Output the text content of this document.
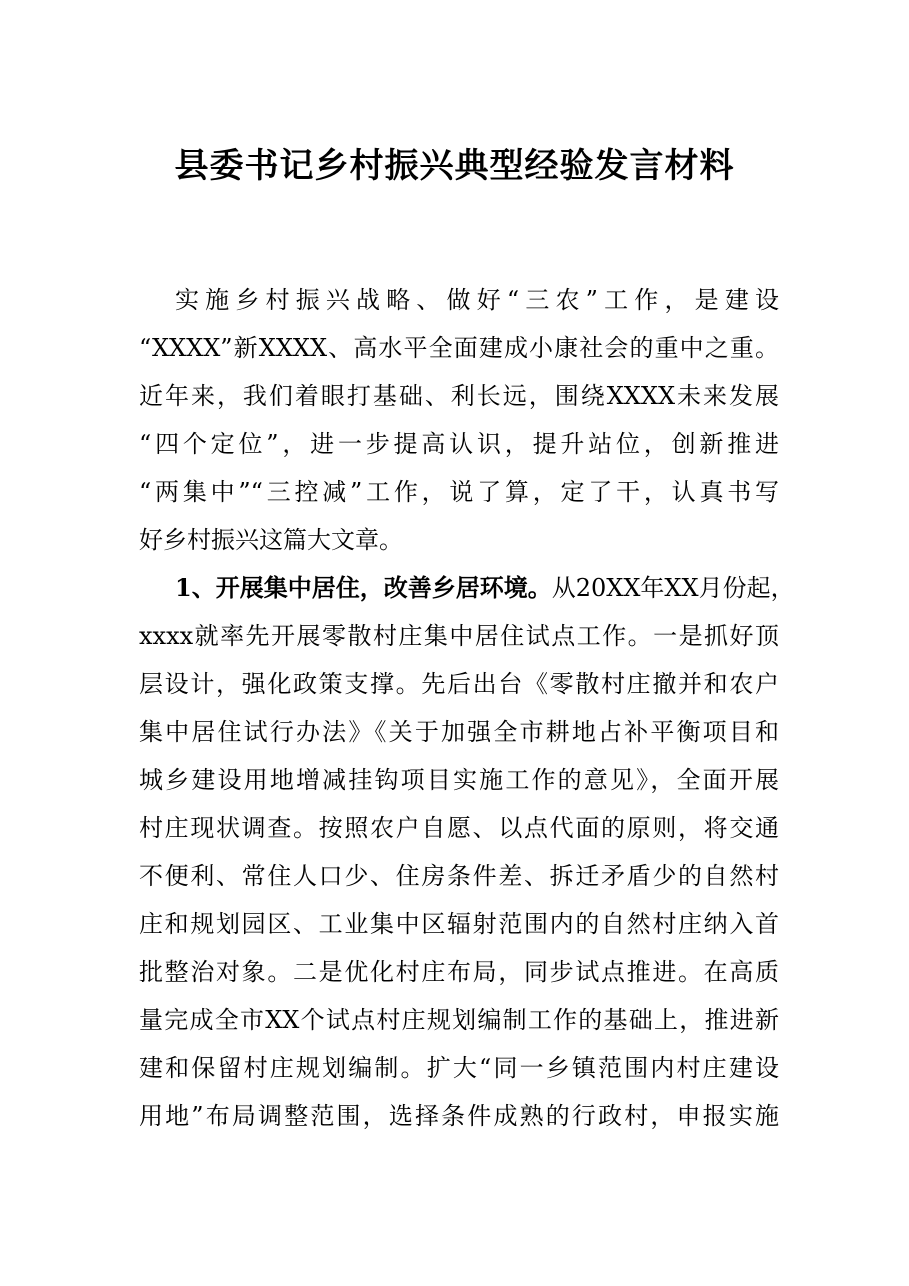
县委书记乡村振兴典型经验发言材料
实施乡村振兴战略、做好“三农”工作，是建设
“XXXX”新XXXX、高水平全面建成小康社会的重中之重。
近年来，我们着眼打基础、利长远，围绕XXXX未来发展
“四个定位”，进一步提高认识，提升站位，创新推进
“两集中”“三控减”工作，说了算，定了干，认真书写
好乡村振兴这篇大文章。
1、开展集中居住，改善乡居环境。从20XX年XX月份起，
xxxx就率先开展零散村庄集中居住试点工作。一是抓好顶
层设计，强化政策支撑。先后出台《零散村庄撤并和农户
集中居住试行办法》《关于加强全市耕地占补平衡项目和
城乡建设用地增减挂钩项目实施工作的意见》，全面开展
村庄现状调查。按照农户自愿、以点代面的原则，将交通
不便利、常住人口少、住房条件差、拆迁矛盾少的自然村
庄和规划园区、工业集中区辐射范围内的自然村庄纳入首
批整治对象。二是优化村庄布局，同步试点推进。在高质
量完成全市XX个试点村庄规划编制工作的基础上，推进新
建和保留村庄规划编制。扩大“同一乡镇范围内村庄建设
用地”布局调整范围，选择条件成熟的行政村，申报实施
